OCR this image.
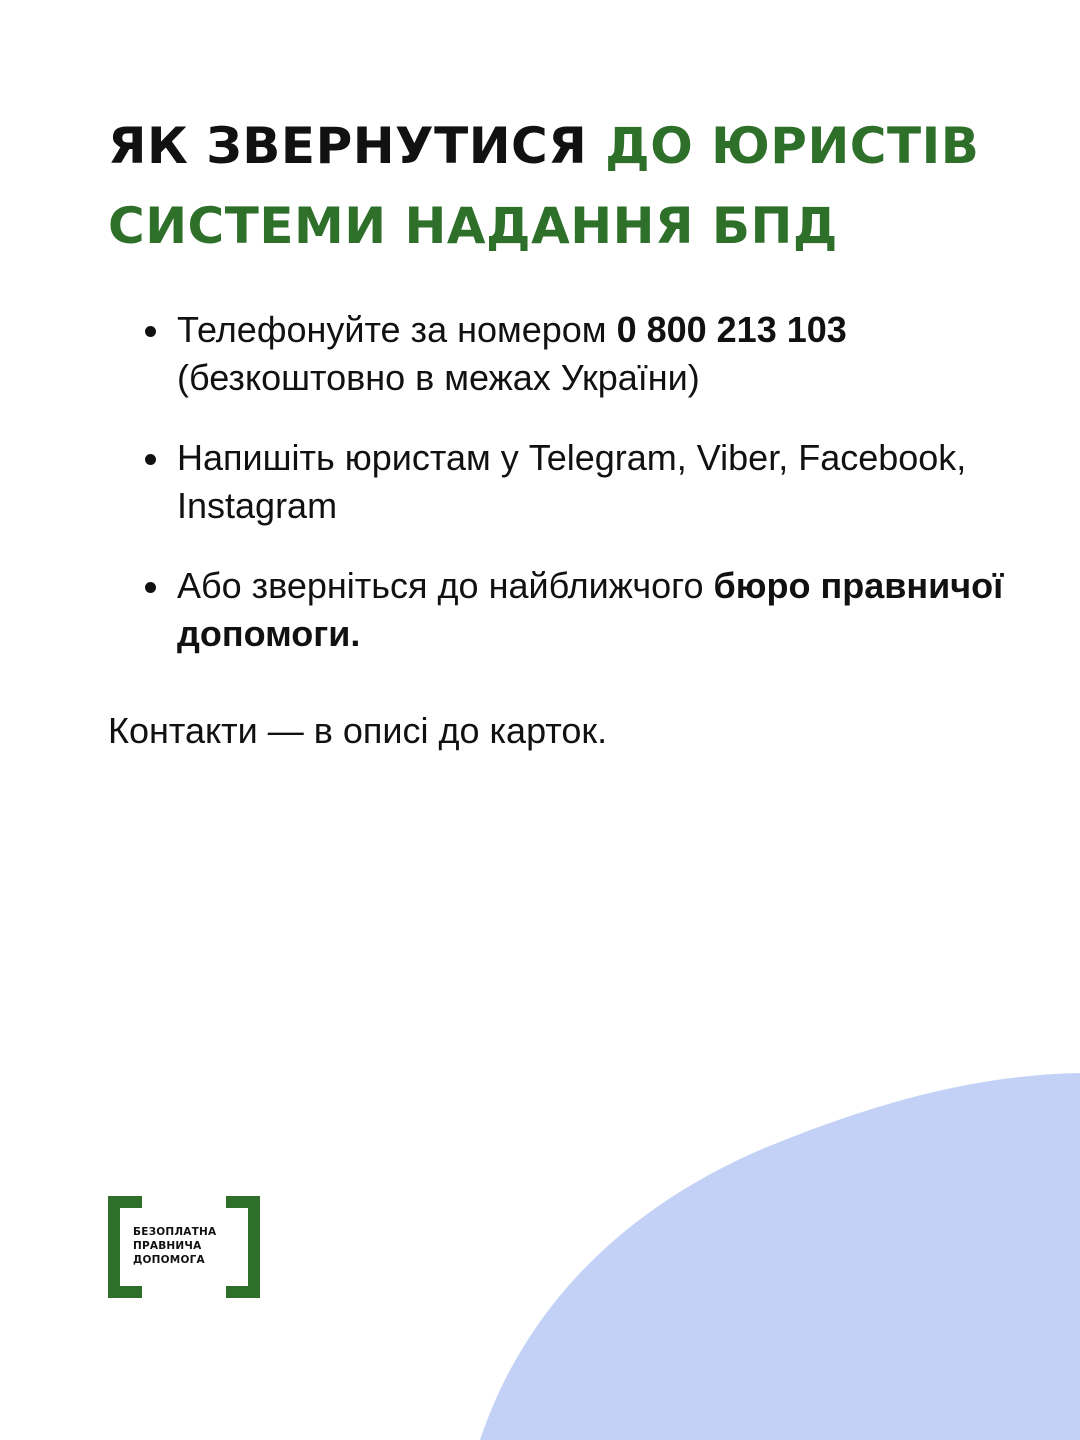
ЯК ЗВЕРНУТИСЯ ДО ЮРИСТІВ СИСТЕМИ НАДАННЯ БПД
Телефонуйте за номером 0 800 213 103 (безкоштовно в межах України)
Напишіть юристам у Telegram, Viber, Facebook, Instagram
Або зверніться до найближчого бюро правничої допомоги.

Контакти — в описі до карток.

БЕЗОПЛАТНА
ПРАВНИЧА
ДОПОМОГА
